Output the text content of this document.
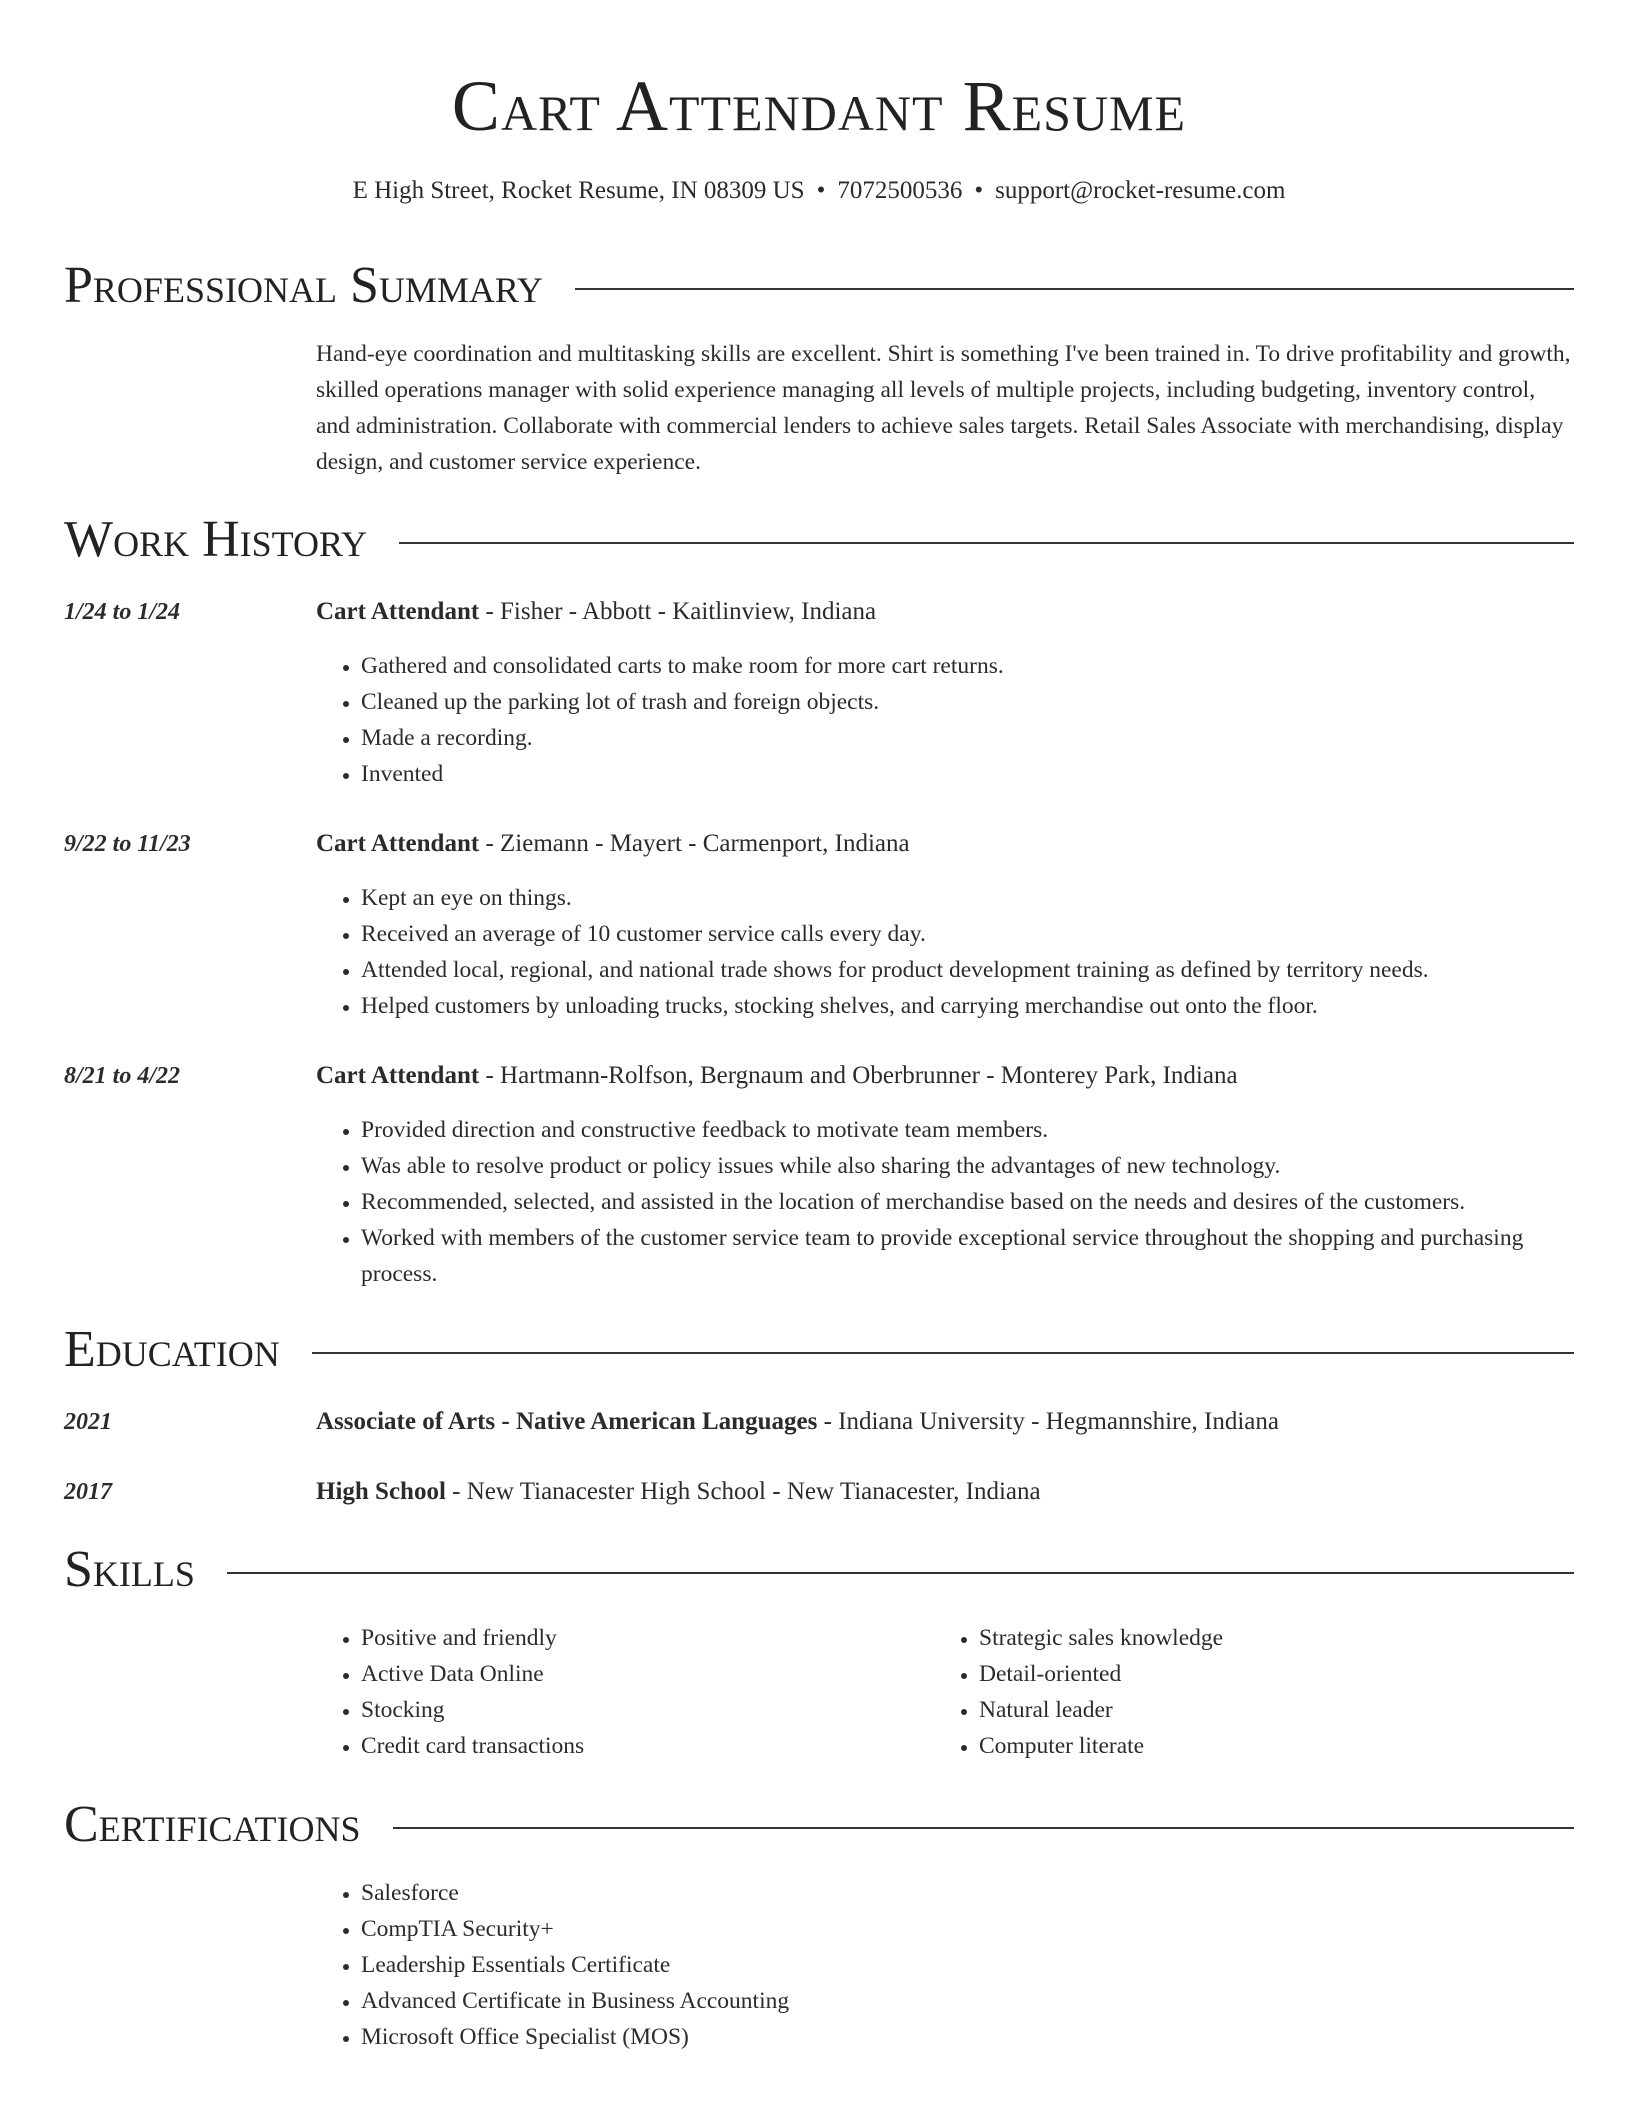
Cart Attendant Resume
E High Street, Rocket Resume, IN 08309 US • 7072500536 • support@rocket-resume.com
Professional Summary
Hand-eye coordination and multitasking skills are excellent. Shirt is something I've been trained in. To drive profitability and growth, skilled operations manager with solid experience managing all levels of multiple projects, including budgeting, inventory control, and administration. Collaborate with commercial lenders to achieve sales targets. Retail Sales Associate with merchandising, display design, and customer service experience.
Work History
1/24 to 1/24	Cart Attendant - Fisher - Abbott - Kaitlinview, Indiana
• Gathered and consolidated carts to make room for more cart returns.
• Cleaned up the parking lot of trash and foreign objects.
• Made a recording.
• Invented
9/22 to 11/23	Cart Attendant - Ziemann - Mayert - Carmenport, Indiana
• Kept an eye on things.
• Received an average of 10 customer service calls every day.
• Attended local, regional, and national trade shows for product development training as defined by territory needs.
• Helped customers by unloading trucks, stocking shelves, and carrying merchandise out onto the floor.
8/21 to 4/22	Cart Attendant - Hartmann-Rolfson, Bergnaum and Oberbrunner - Monterey Park, Indiana
• Provided direction and constructive feedback to motivate team members.
• Was able to resolve product or policy issues while also sharing the advantages of new technology.
• Recommended, selected, and assisted in the location of merchandise based on the needs and desires of the customers.
• Worked with members of the customer service team to provide exceptional service throughout the shopping and purchasing process.
Education
2021	Associate of Arts - Native American Languages - Indiana University - Hegmannshire, Indiana
2017	High School - New Tianacester High School - New Tianacester, Indiana
Skills
• Positive and friendly
• Active Data Online
• Stocking
• Credit card transactions
• Strategic sales knowledge
• Detail-oriented
• Natural leader
• Computer literate
Certifications
• Salesforce
• CompTIA Security+
• Leadership Essentials Certificate
• Advanced Certificate in Business Accounting
• Microsoft Office Specialist (MOS)
